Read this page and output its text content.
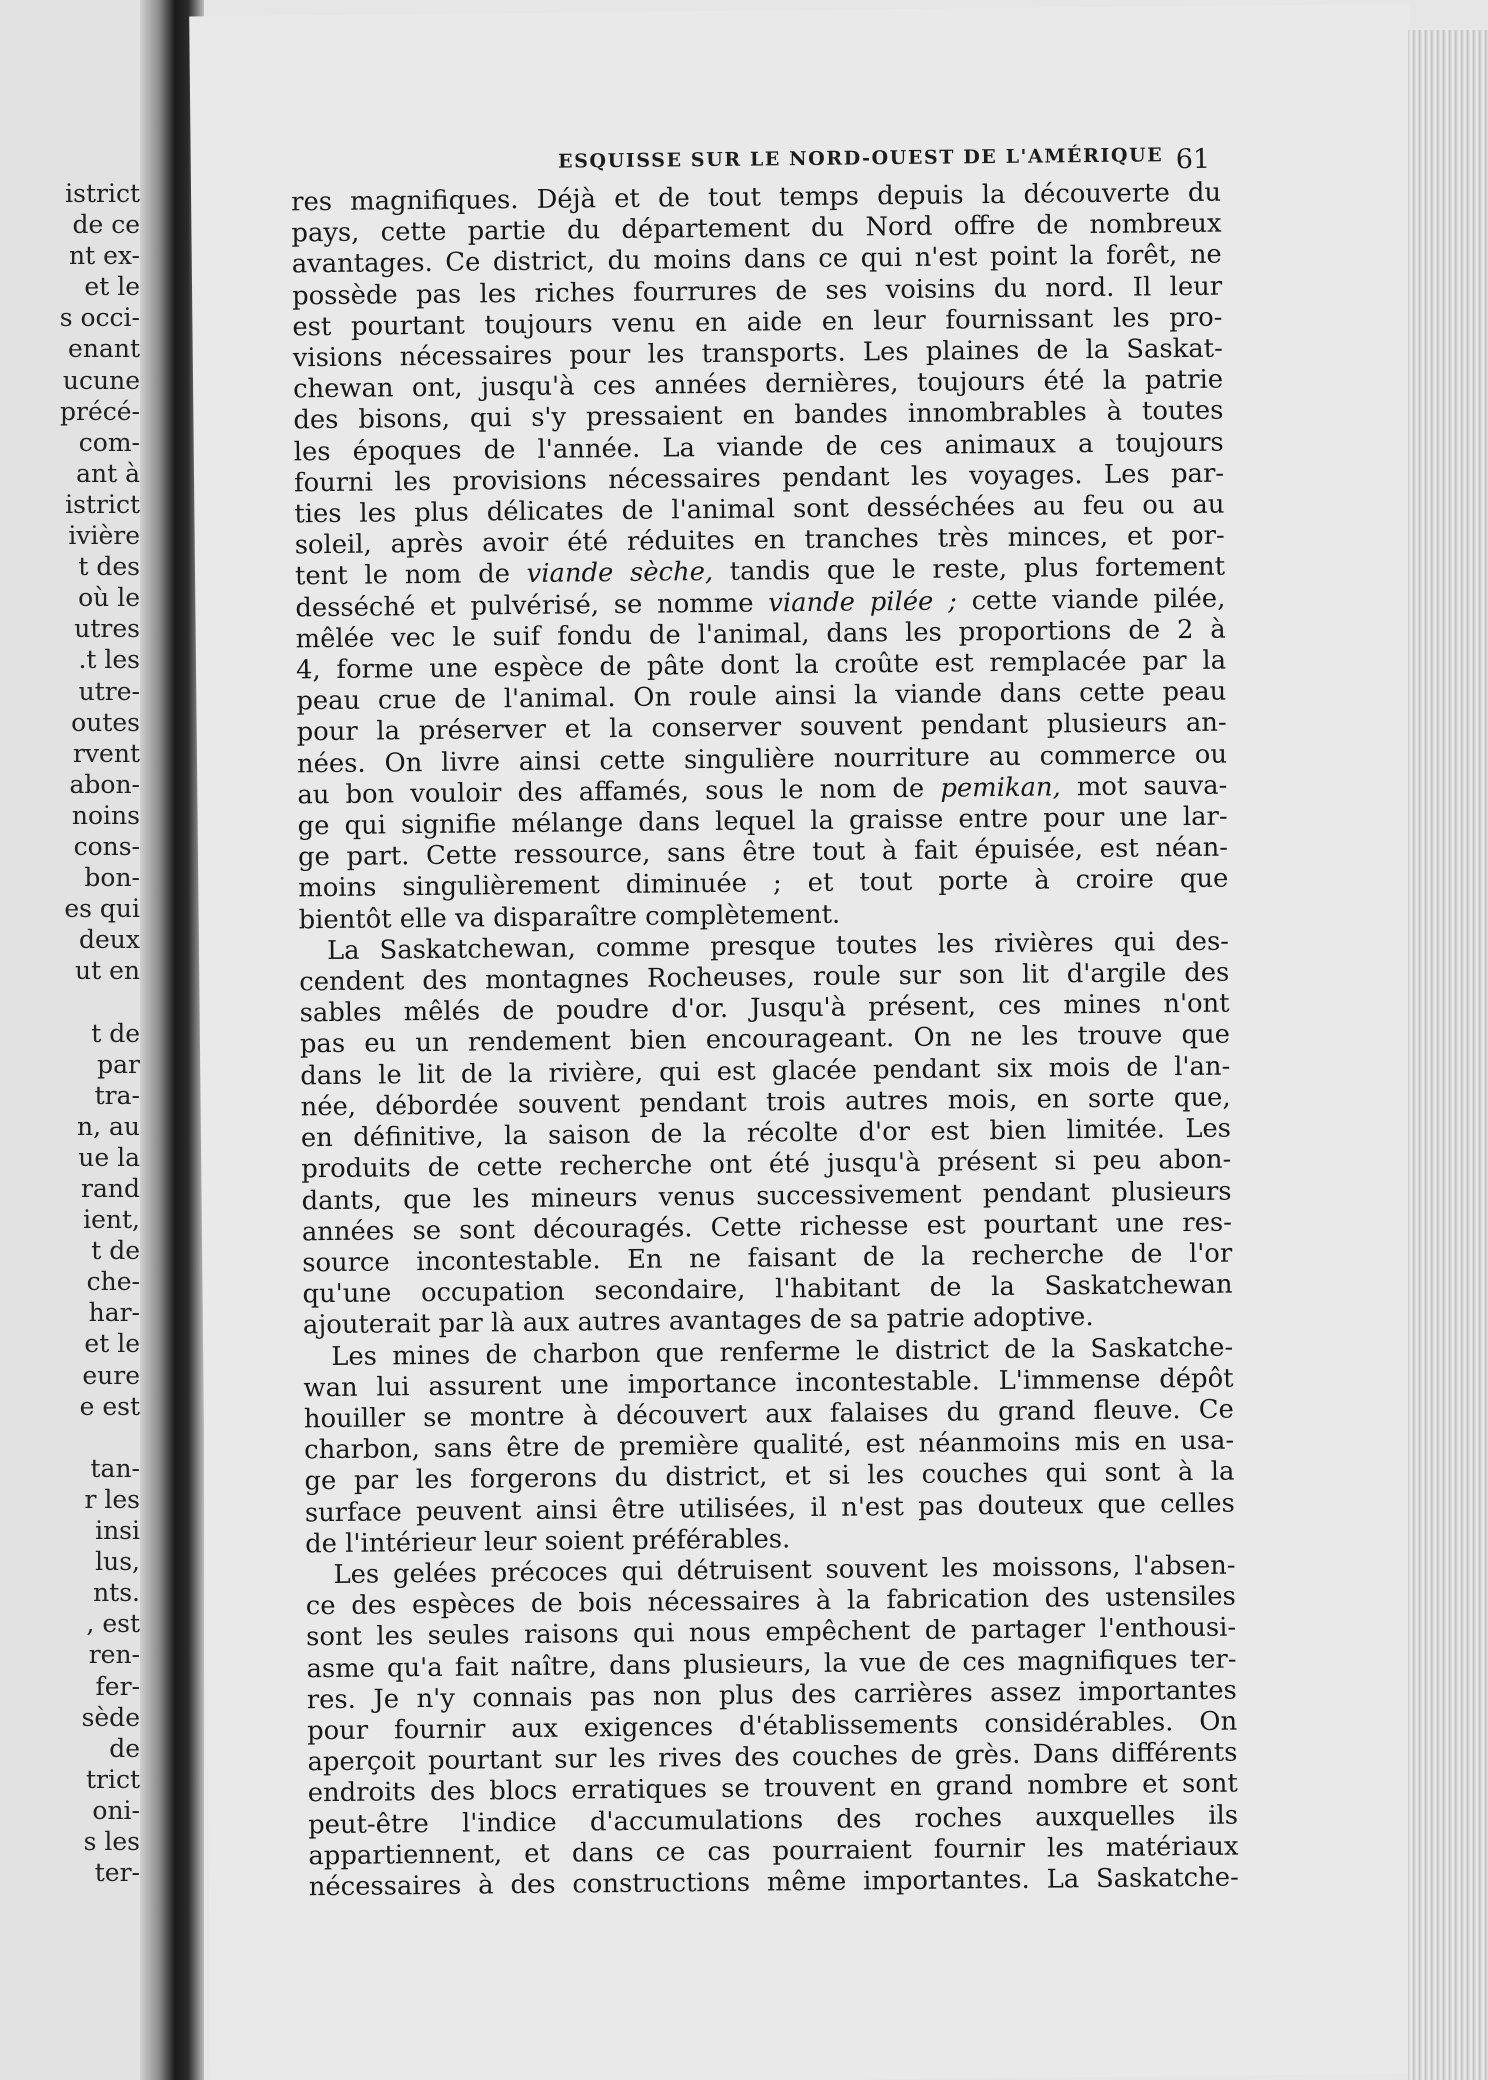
istrict
de ce
nt ex-
et le
s occi-
enant
ucune
précé-
com-
ant à
istrict
ivière
t des
où le
utres
.t les
utre-
outes
rvent
abon-
noins
cons-
bon-
es qui
deux
ut en

t de
par
tra-
n, au
ue la
rand
ient,
t de
che-
har-
et le
eure
e est

tan-
r les
insi
lus,
nts.
, est
ren-
fer-
sède
de
trict
oni-
s les
ter-
ESQUISSE SUR LE NORD-OUEST DE L'AMÉRIQUE 61
res magnifiques. Déjà et de tout temps depuis la découverte du
pays, cette partie du département du Nord offre de nombreux
avantages. Ce district, du moins dans ce qui n'est point la forêt, ne
possède pas les riches fourrures de ses voisins du nord. Il leur
est pourtant toujours venu en aide en leur fournissant les pro-
visions nécessaires pour les transports. Les plaines de la Saskat-
chewan ont, jusqu'à ces années dernières, toujours été la patrie
des bisons, qui s'y pressaient en bandes innombrables à toutes
les époques de l'année. La viande de ces animaux a toujours
fourni les provisions nécessaires pendant les voyages. Les par-
ties les plus délicates de l'animal sont desséchées au feu ou au
soleil, après avoir été réduites en tranches très minces, et por-
tent le nom de viande sèche, tandis que le reste, plus fortement
desséché et pulvérisé, se nomme viande pilée ; cette viande pilée,
mêlée vec le suif fondu de l'animal, dans les proportions de 2 à
4, forme une espèce de pâte dont la croûte est remplacée par la
peau crue de l'animal. On roule ainsi la viande dans cette peau
pour la préserver et la conserver souvent pendant plusieurs an-
nées. On livre ainsi cette singulière nourriture au commerce ou
au bon vouloir des affamés, sous le nom de pemikan, mot sauva-
ge qui signifie mélange dans lequel la graisse entre pour une lar-
ge part. Cette ressource, sans être tout à fait épuisée, est néan-
moins singulièrement diminuée ; et tout porte à croire que
bientôt elle va disparaître complètement.
La Saskatchewan, comme presque toutes les rivières qui des-
cendent des montagnes Rocheuses, roule sur son lit d'argile des
sables mêlés de poudre d'or. Jusqu'à présent, ces mines n'ont
pas eu un rendement bien encourageant. On ne les trouve que
dans le lit de la rivière, qui est glacée pendant six mois de l'an-
née, débordée souvent pendant trois autres mois, en sorte que,
en définitive, la saison de la récolte d'or est bien limitée. Les
produits de cette recherche ont été jusqu'à présent si peu abon-
dants, que les mineurs venus successivement pendant plusieurs
années se sont découragés. Cette richesse est pourtant une res-
source incontestable. En ne faisant de la recherche de l'or
qu'une occupation secondaire, l'habitant de la Saskatchewan
ajouterait par là aux autres avantages de sa patrie adoptive.
Les mines de charbon que renferme le district de la Saskatche-
wan lui assurent une importance incontestable. L'immense dépôt
houiller se montre à découvert aux falaises du grand fleuve. Ce
charbon, sans être de première qualité, est néanmoins mis en usa-
ge par les forgerons du district, et si les couches qui sont à la
surface peuvent ainsi être utilisées, il n'est pas douteux que celles
de l'intérieur leur soient préférables.
Les gelées précoces qui détruisent souvent les moissons, l'absen-
ce des espèces de bois nécessaires à la fabrication des ustensiles
sont les seules raisons qui nous empêchent de partager l'enthousi-
asme qu'a fait naître, dans plusieurs, la vue de ces magnifiques ter-
res. Je n'y connais pas non plus des carrières assez importantes
pour fournir aux exigences d'établissements considérables. On
aperçoit pourtant sur les rives des couches de grès. Dans différents
endroits des blocs erratiques se trouvent en grand nombre et sont
peut-être l'indice d'accumulations des roches auxquelles ils
appartiennent, et dans ce cas pourraient fournir les matériaux
nécessaires à des constructions même importantes. La Saskatche-
